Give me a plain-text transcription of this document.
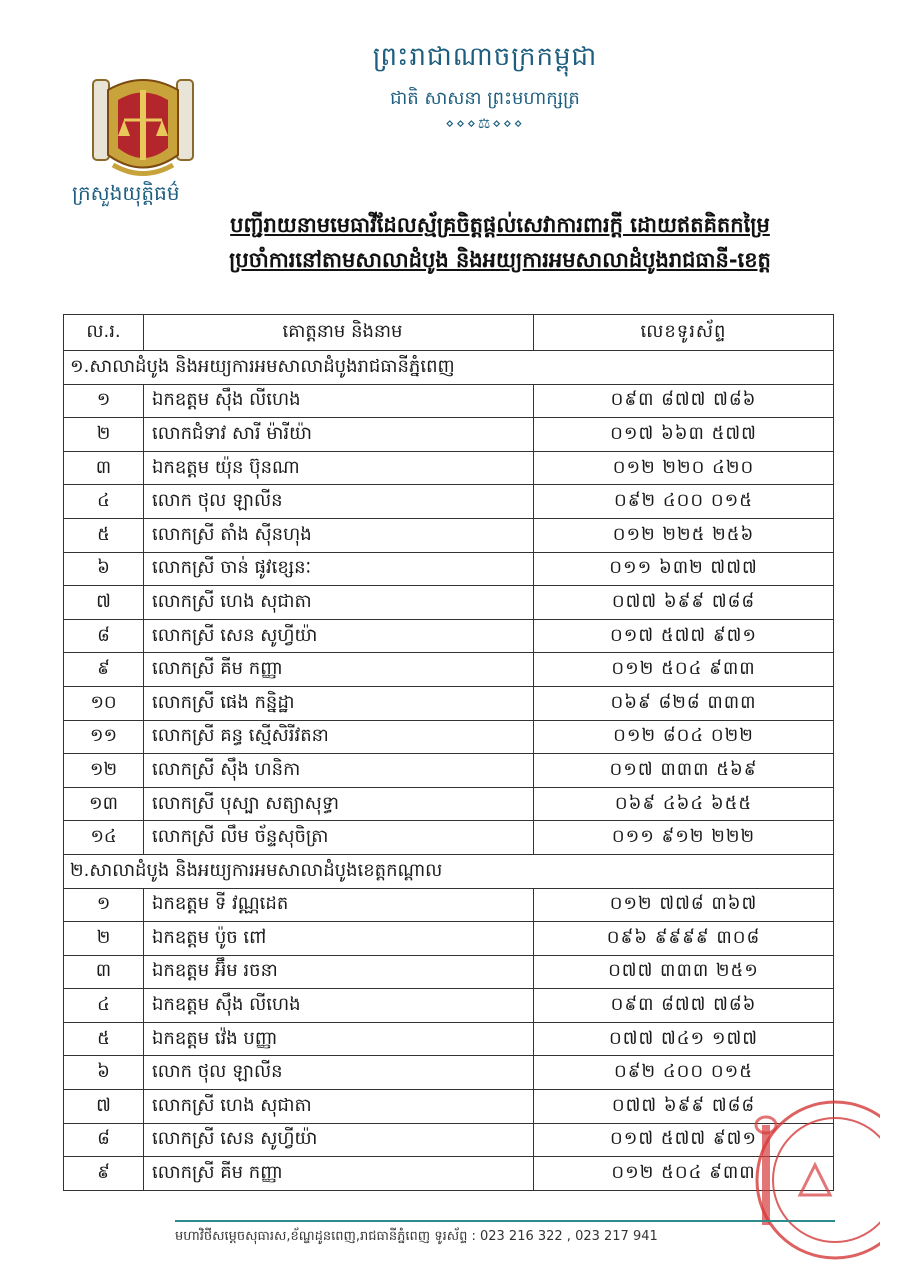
ព្រះរាជាណាចក្រកម្ពុជា
ជាតិ សាសនា ព្រះមហាក្សត្រ
⋄⋄⋄⚖⋄⋄⋄
ក្រសួងយុត្តិធម៌
បញ្ជីរាយនាមមេធាវីដែលស្ម័គ្រចិត្តផ្តល់សេវាការពារក្តី ដោយឥតគិតកម្រៃ
ប្រចាំការនៅតាមសាលាដំបូង និងអយ្យការអមសាលាដំបូងរាជធានី-ខេត្ត
ល.រ.	គោត្តនាម និងនាម	លេខទូរស័ព្ទ
១.សាលាដំបូង និងអយ្យការអមសាលាដំបូងរាជធានីភ្នំពេញ		
១	ឯកឧត្តម ស៊ឹង លីហេង	០៩៣ ៨៧៧ ៧៨៦
២	លោកជំទាវ សារី ម៉ារីយ៉ា	០១៧ ៦៦៣ ៥៧៧
៣	ឯកឧត្តម យ៉ុន ប៊ុនណា	០១២ ២២០ ៤២០
៤	លោក ថុល ឡាលីន	០៩២ ៤០០ ០១៥
៥	លោកស្រី តាំង ស៊ីនហុង	០១២ ២២៥ ២៥៦
៦	លោកស្រី ចាន់ ផូវខ្សេនៈ	០១១ ៦៣២ ៧៧៧
៧	លោកស្រី ហេង សុជាតា	០៧៧ ៦៩៩ ៧៨៨
៨	លោកស្រី សេន សូហ្វីយ៉ា	០១៧ ៥៧៧ ៩៧១
៩	លោកស្រី គីម កញ្ញា	០១២ ៥០៤ ៩៣៣
១០	លោកស្រី ផេង កន្និដ្ឋា	០៦៩ ៨២៨ ៣៣៣
១១	លោកស្រី គន្ធ ស្មើសិរីវតនា	០១២ ៨០៤ ០២២
១២	លោកស្រី ស៊ឹង ហនិកា	០១៧ ៣៣៣ ៥៦៩
១៣	លោកស្រី បុស្បា សត្យាសុទ្ធា	០៦៩ ៤៦៤ ៦៥៥
១៤	លោកស្រី លឹម ច័ន្ទសុចិត្រា	០១១ ៩១២ ២២២
២.សាលាដំបូង និងអយ្យការអមសាលាដំបូងខេត្តកណ្តាល		
១	ឯកឧត្តម ទី វណ្ណដេត	០១២ ៧៧៨ ៣៦៧
២	ឯកឧត្តម ប៉ូច ពៅ	០៩៦ ៩៩៩៩ ៣០៨
៣	ឯកឧត្តម អ៊ឹម រចនា	០៧៧ ៣៣៣ ២៥១
៤	ឯកឧត្តម ស៊ឹង លីហេង	០៩៣ ៨៧៧ ៧៨៦
៥	ឯកឧត្តម វ៉េង បញ្ញា	០៧៧ ៧៤១ ១៧៧
៦	លោក ថុល ឡាលីន	០៩២ ៤០០ ០១៥
៧	លោកស្រី ហេង សុជាតា	០៧៧ ៦៩៩ ៧៨៨
៨	លោកស្រី សេន សូហ្វីយ៉ា	០១៧ ៥៧៧ ៩៧១
៩	លោកស្រី គីម កញ្ញា	០១២ ៥០៤ ៩៣៣
មហាវិថីសម្តេចសុធារស,ខ័ណ្ឌដូនពេញ,រាជធានីភ្នំពេញ ទូរស័ព្ទ : 023 216 322 , 023 217 941
